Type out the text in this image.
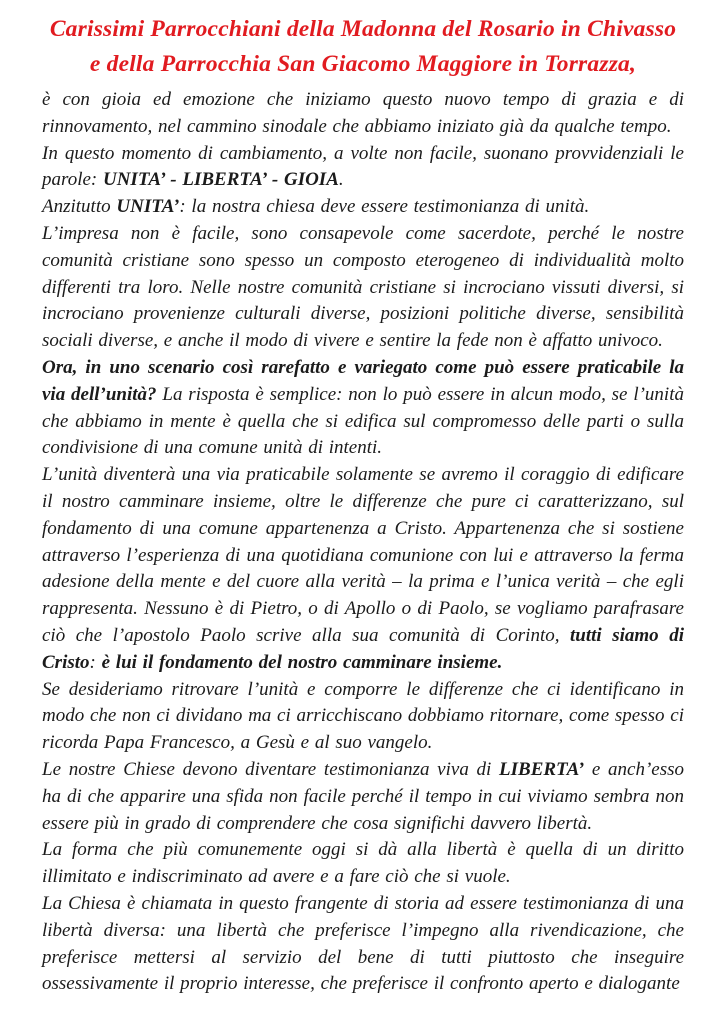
Carissimi Parrocchiani della Madonna del Rosario in Chivasso
e della Parrocchia San Giacomo Maggiore in Torrazza,

è con gioia ed emozione che iniziamo questo nuovo tempo di grazia e di rinnovamento, nel cammino sinodale che abbiamo iniziato già da qualche tempo.

In questo momento di cambiamento, a volte non facile, suonano provvidenziali le parole: UNITA’ - LIBERTA’ - GIOIA.

Anzitutto UNITA’: la nostra chiesa deve essere testimonianza di unità.

L’impresa non è facile, sono consapevole come sacerdote, perché le nostre comunità cristiane sono spesso un composto eterogeneo di individualità molto differenti tra loro. Nelle nostre comunità cristiane si incrociano vissuti diversi, si incrociano provenienze culturali diverse, posizioni politiche diverse, sensibilità sociali diverse, e anche il modo di vivere e sentire la fede non è affatto univoco.

Ora, in uno scenario così rarefatto e variegato come può essere praticabile la via dell’unità? La risposta è semplice: non lo può essere in alcun modo, se l’unità che abbiamo in mente è quella che si edifica sul compromesso delle parti o sulla condivisione di una comune unità di intenti.

L’unità diventerà una via praticabile solamente se avremo il coraggio di edificare il nostro camminare insieme, oltre le differenze che pure ci caratterizzano, sul fondamento di una comune appartenenza a Cristo. Appartenenza che si sostiene attraverso l’esperienza di una quotidiana comunione con lui e attraverso la ferma adesione della mente e del cuore alla verità – la prima e l’unica verità – che egli rappresenta. Nessuno è di Pietro, o di Apollo o di Paolo, se vogliamo parafrasare ciò che l’apostolo Paolo scrive alla sua comunità di Corinto, tutti siamo di Cristo: è lui il fondamento del nostro camminare insieme.

Se desideriamo ritrovare l’unità e comporre le differenze che ci identificano in modo che non ci dividano ma ci arricchiscano dobbiamo ritornare, come spesso ci ricorda Papa Francesco, a Gesù e al suo vangelo.

Le nostre Chiese devono diventare testimonianza viva di LIBERTA’ e anch’esso ha di che apparire una sfida non facile perché il tempo in cui viviamo sembra non essere più in grado di comprendere che cosa significhi davvero libertà.

La forma che più comunemente oggi si dà alla libertà è quella di un diritto illimitato e indiscriminato ad avere e a fare ciò che si vuole.

La Chiesa è chiamata in questo frangente di storia ad essere testimonianza di una libertà diversa: una libertà che preferisce l’impegno alla rivendicazione, che preferisce mettersi al servizio del bene di tutti piuttosto che inseguire ossessivamente il proprio interesse, che preferisce il confronto aperto e dialogante
